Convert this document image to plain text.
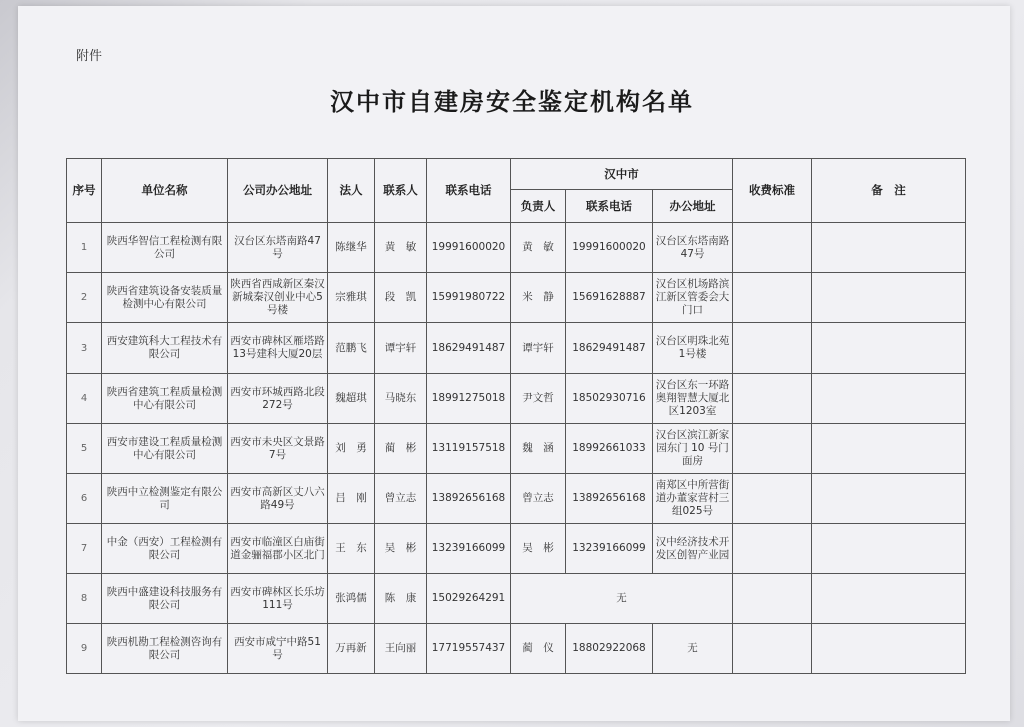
附件
汉中市自建房安全鉴定机构名单
序号	单位名称	公司办公地址	法人	联系人	联系电话	汉中市			收费标准	备　注
						负责人	联系电话	办公地址		
1	陕西华智信工程检测有限公司	汉台区东塔南路47号	陈继华	黄　敏	19991600020	黄　敏	19991600020	汉台区东塔南路47号		
2	陕西省建筑设备安装质量检测中心有限公司	陕西省西咸新区秦汉新城秦汉创业中心5号楼	宗雅琪	段　凯	15991980722	米　静	15691628887	汉台区机场路滨江新区管委会大门口		
3	西安建筑科大工程技术有限公司	西安市碑林区雁塔路13号建科大厦20层	范鹏飞	谭宇轩	18629491487	谭宇轩	18629491487	汉台区明珠北苑1号楼		
4	陕西省建筑工程质量检测中心有限公司	西安市环城西路北段272号	魏超琪	马晓东	18991275018	尹文哲	18502930716	汉台区东一环路奥翔智慧大厦北区1203室		
5	西安市建设工程质量检测中心有限公司	西安市未央区文景路7号	刘　勇	蔺　彬	13119157518	魏　涵	18992661033	汉台区滨江新家园东门 10 号门面房		
6	陕西中立检测鉴定有限公司	西安市高新区丈八六路49号	吕　刚	曾立志	13892656168	曾立志	13892656168	南郑区中所营街道办董家营村三组025号		
7	中金（西安）工程检测有限公司	西安市临潼区白庙街道金骊福郡小区北门	王　东	吴　彬	13239166099	吴　彬	13239166099	汉中经济技术开发区创智产业园		
8	陕西中盛建设科技服务有限公司	西安市碑林区长乐坊111号	张鸿儒	陈　康	15029264291	无				
9	陕西机勘工程检测咨询有限公司	西安市咸宁中路51号	万再新	王向丽	17719557437	蔺　仪	18802922068	无		
